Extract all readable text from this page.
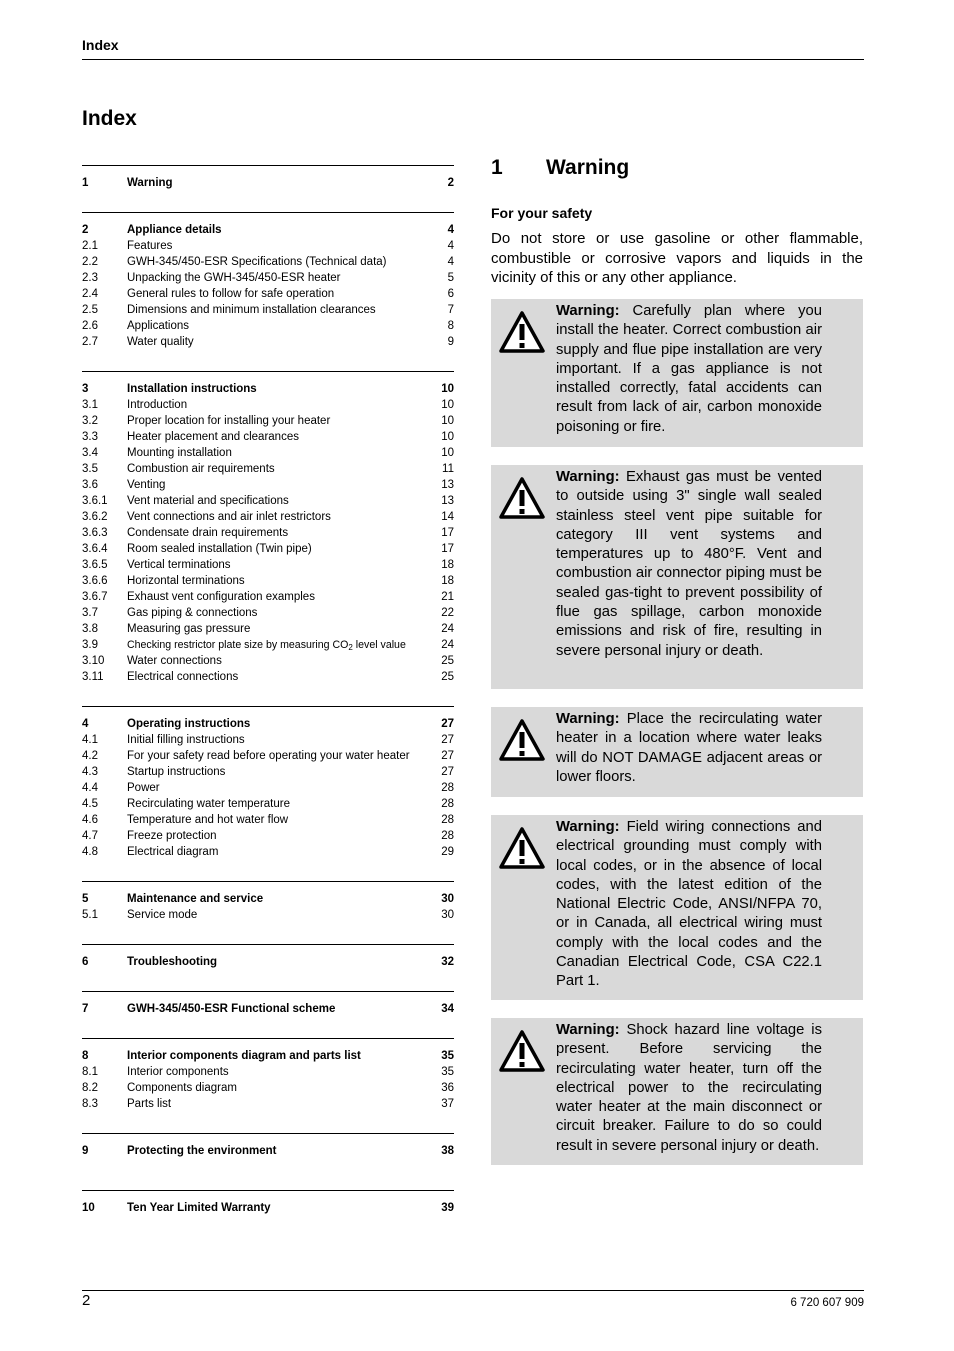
Index
Index
1	Warning	2
2	Appliance details	4
2.1	Features	4
2.2	GWH-345/450-ESR Specifications (Technical data)	4
2.3	Unpacking the GWH-345/450-ESR heater	5
2.4	General rules to follow for safe operation	6
2.5	Dimensions and minimum installation clearances	7
2.6	Applications	8
2.7	Water quality	9
3	Installation instructions	10
3.1	Introduction	10
3.2	Proper location for installing your heater	10
3.3	Heater placement and clearances	10
3.4	Mounting installation	10
3.5	Combustion air requirements	11
3.6	Venting	13
3.6.1	Vent material and specifications	13
3.6.2	Vent connections and air inlet restrictors	14
3.6.3	Condensate drain requirements	17
3.6.4	Room sealed installation (Twin pipe)	17
3.6.5	Vertical terminations	18
3.6.6	Horizontal terminations	18
3.6.7	Exhaust vent configuration examples	21
3.7	Gas piping & connections	22
3.8	Measuring gas pressure	24
3.9	Checking restrictor plate size by measuring $CO_2$ level value	24
3.10	Water connections	25
3.11	Electrical connections	25
4	Operating instructions	27
4.1	Initial filling instructions	27
4.2	For your safety read before operating your water heater	27
4.3	Startup instructions	27
4.4	Power	28
4.5	Recirculating water temperature	28
4.6	Temperature and hot water flow	28
4.7	Freeze protection	28
4.8	Electrical diagram	29
5	Maintenance and service	30
5.1	Service mode	30
6	Troubleshooting	32
7	GWH-345/450-ESR Functional scheme	34
8	Interior components diagram and parts list	35
8.1	Interior components	35
8.2	Components diagram	36
8.3	Parts list	37
9	Protecting the environment	38
10	Ten Year Limited Warranty	39
1	Warning
For your safety

Do not store or use gasoline or other flammable, combustible or corrosive vapors and liquids in the vicinity of this or any other appliance.

Warning: Carefully plan where you install the heater. Correct combustion air supply and flue pipe installation are very important. If a gas appliance is not installed correctly, fatal accidents can result from lack of air, carbon monoxide poisoning or fire.

Warning: Exhaust gas must be vented to outside using 3" single wall sealed stainless steel vent pipe suitable for category III vent systems and temperatures up to 480°F. Vent and combustion air connector piping must be sealed gas-tight to prevent possibility of flue gas spillage, carbon monoxide emissions and risk of fire, resulting in severe personal injury or death.

Warning: Place the recirculating water heater in a location where water leaks will do NOT DAMAGE adjacent areas or lower floors.

Warning: Field wiring connections and electrical grounding must comply with local codes, or in the absence of local codes, with the latest edition of the National Electric Code, ANSI/NFPA 70, or in Canada, all electrical wiring must comply with the local codes and the Canadian Electrical Code, CSA C22.1 Part 1.

Warning: Shock hazard line voltage is present. Before servicing the recirculating water heater, turn off the electrical power to the recirculating water heater at the main disconnect or circuit breaker. Failure to do so could result in severe personal injury or death.

2	6 720 607 909
